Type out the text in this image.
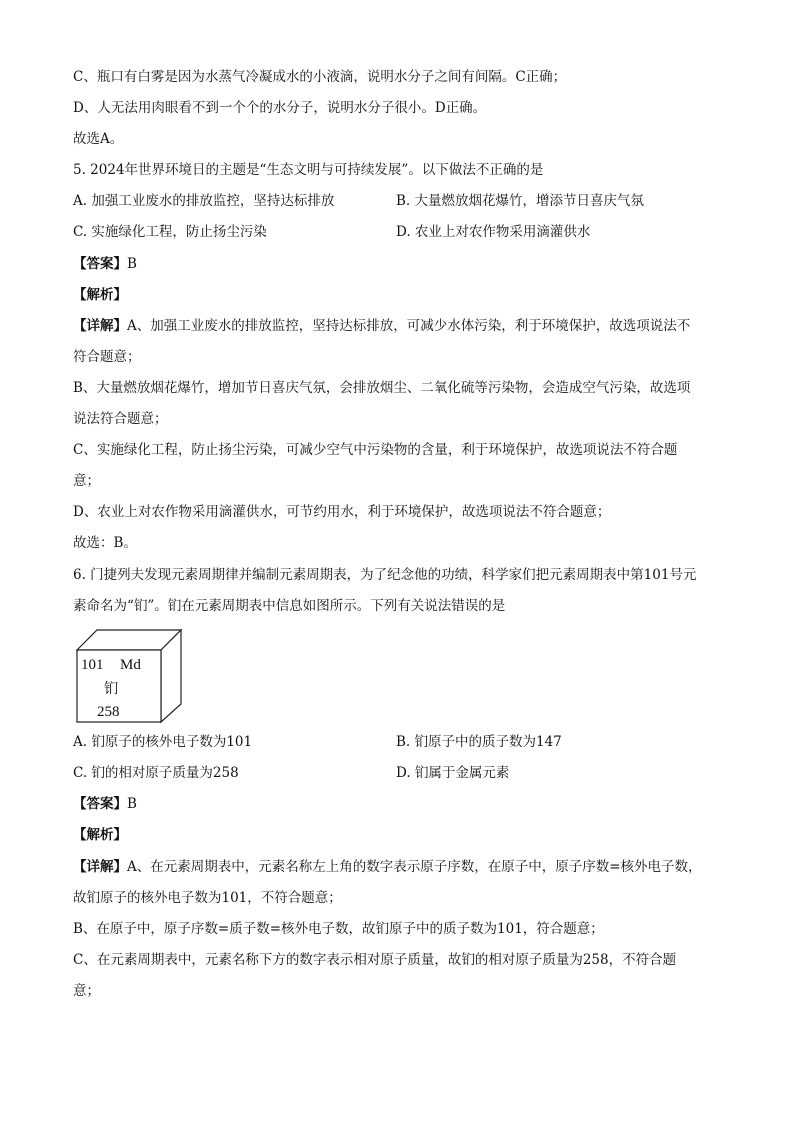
C、瓶口有白雾是因为水蒸气冷凝成水的小液滴，说明水分子之间有间隔。C正确；
D、人无法用肉眼看不到一个个的水分子，说明水分子很小。D正确。
故选A。
5. 2024年世界环境日的主题是“生态文明与可持续发展”。以下做法不正确的是
A. 加强工业废水的排放监控，坚持达标排放	B. 大量燃放烟花爆竹，增添节日喜庆气氛
C. 实施绿化工程，防止扬尘污染	D. 农业上对农作物采用滴灌供水
【答案】B
【解析】
【详解】A、加强工业废水的排放监控，坚持达标排放，可减少水体污染，利于环境保护，故选项说法不
符合题意；
B、大量燃放烟花爆竹，增加节日喜庆气氛，会排放烟尘、二氧化硫等污染物，会造成空气污染，故选项
说法符合题意；
C、实施绿化工程，防止扬尘污染，可减少空气中污染物的含量，利于环境保护，故选项说法不符合题
意；
D、农业上对农作物采用滴灌供水，可节约用水，利于环境保护，故选项说法不符合题意；
故选：B。
6. 门捷列夫发现元素周期律并编制元素周期表，为了纪念他的功绩，科学家们把元素周期表中第101号元
素命名为“钔”。钔在元素周期表中信息如图所示。下列有关说法错误的是
101 Md
钔
258
A. 钔原子的核外电子数为101	B. 钔原子中的质子数为147
C. 钔的相对原子质量为258	D. 钔属于金属元素
【答案】B
【解析】
【详解】A、在元素周期表中，元素名称左上角的数字表示原子序数，在原子中，原子序数=核外电子数，
故钔原子的核外电子数为101，不符合题意；
B、在原子中，原子序数=质子数=核外电子数，故钔原子中的质子数为101，符合题意；
C、在元素周期表中，元素名称下方的数字表示相对原子质量，故钔的相对原子质量为258，不符合题
意；
